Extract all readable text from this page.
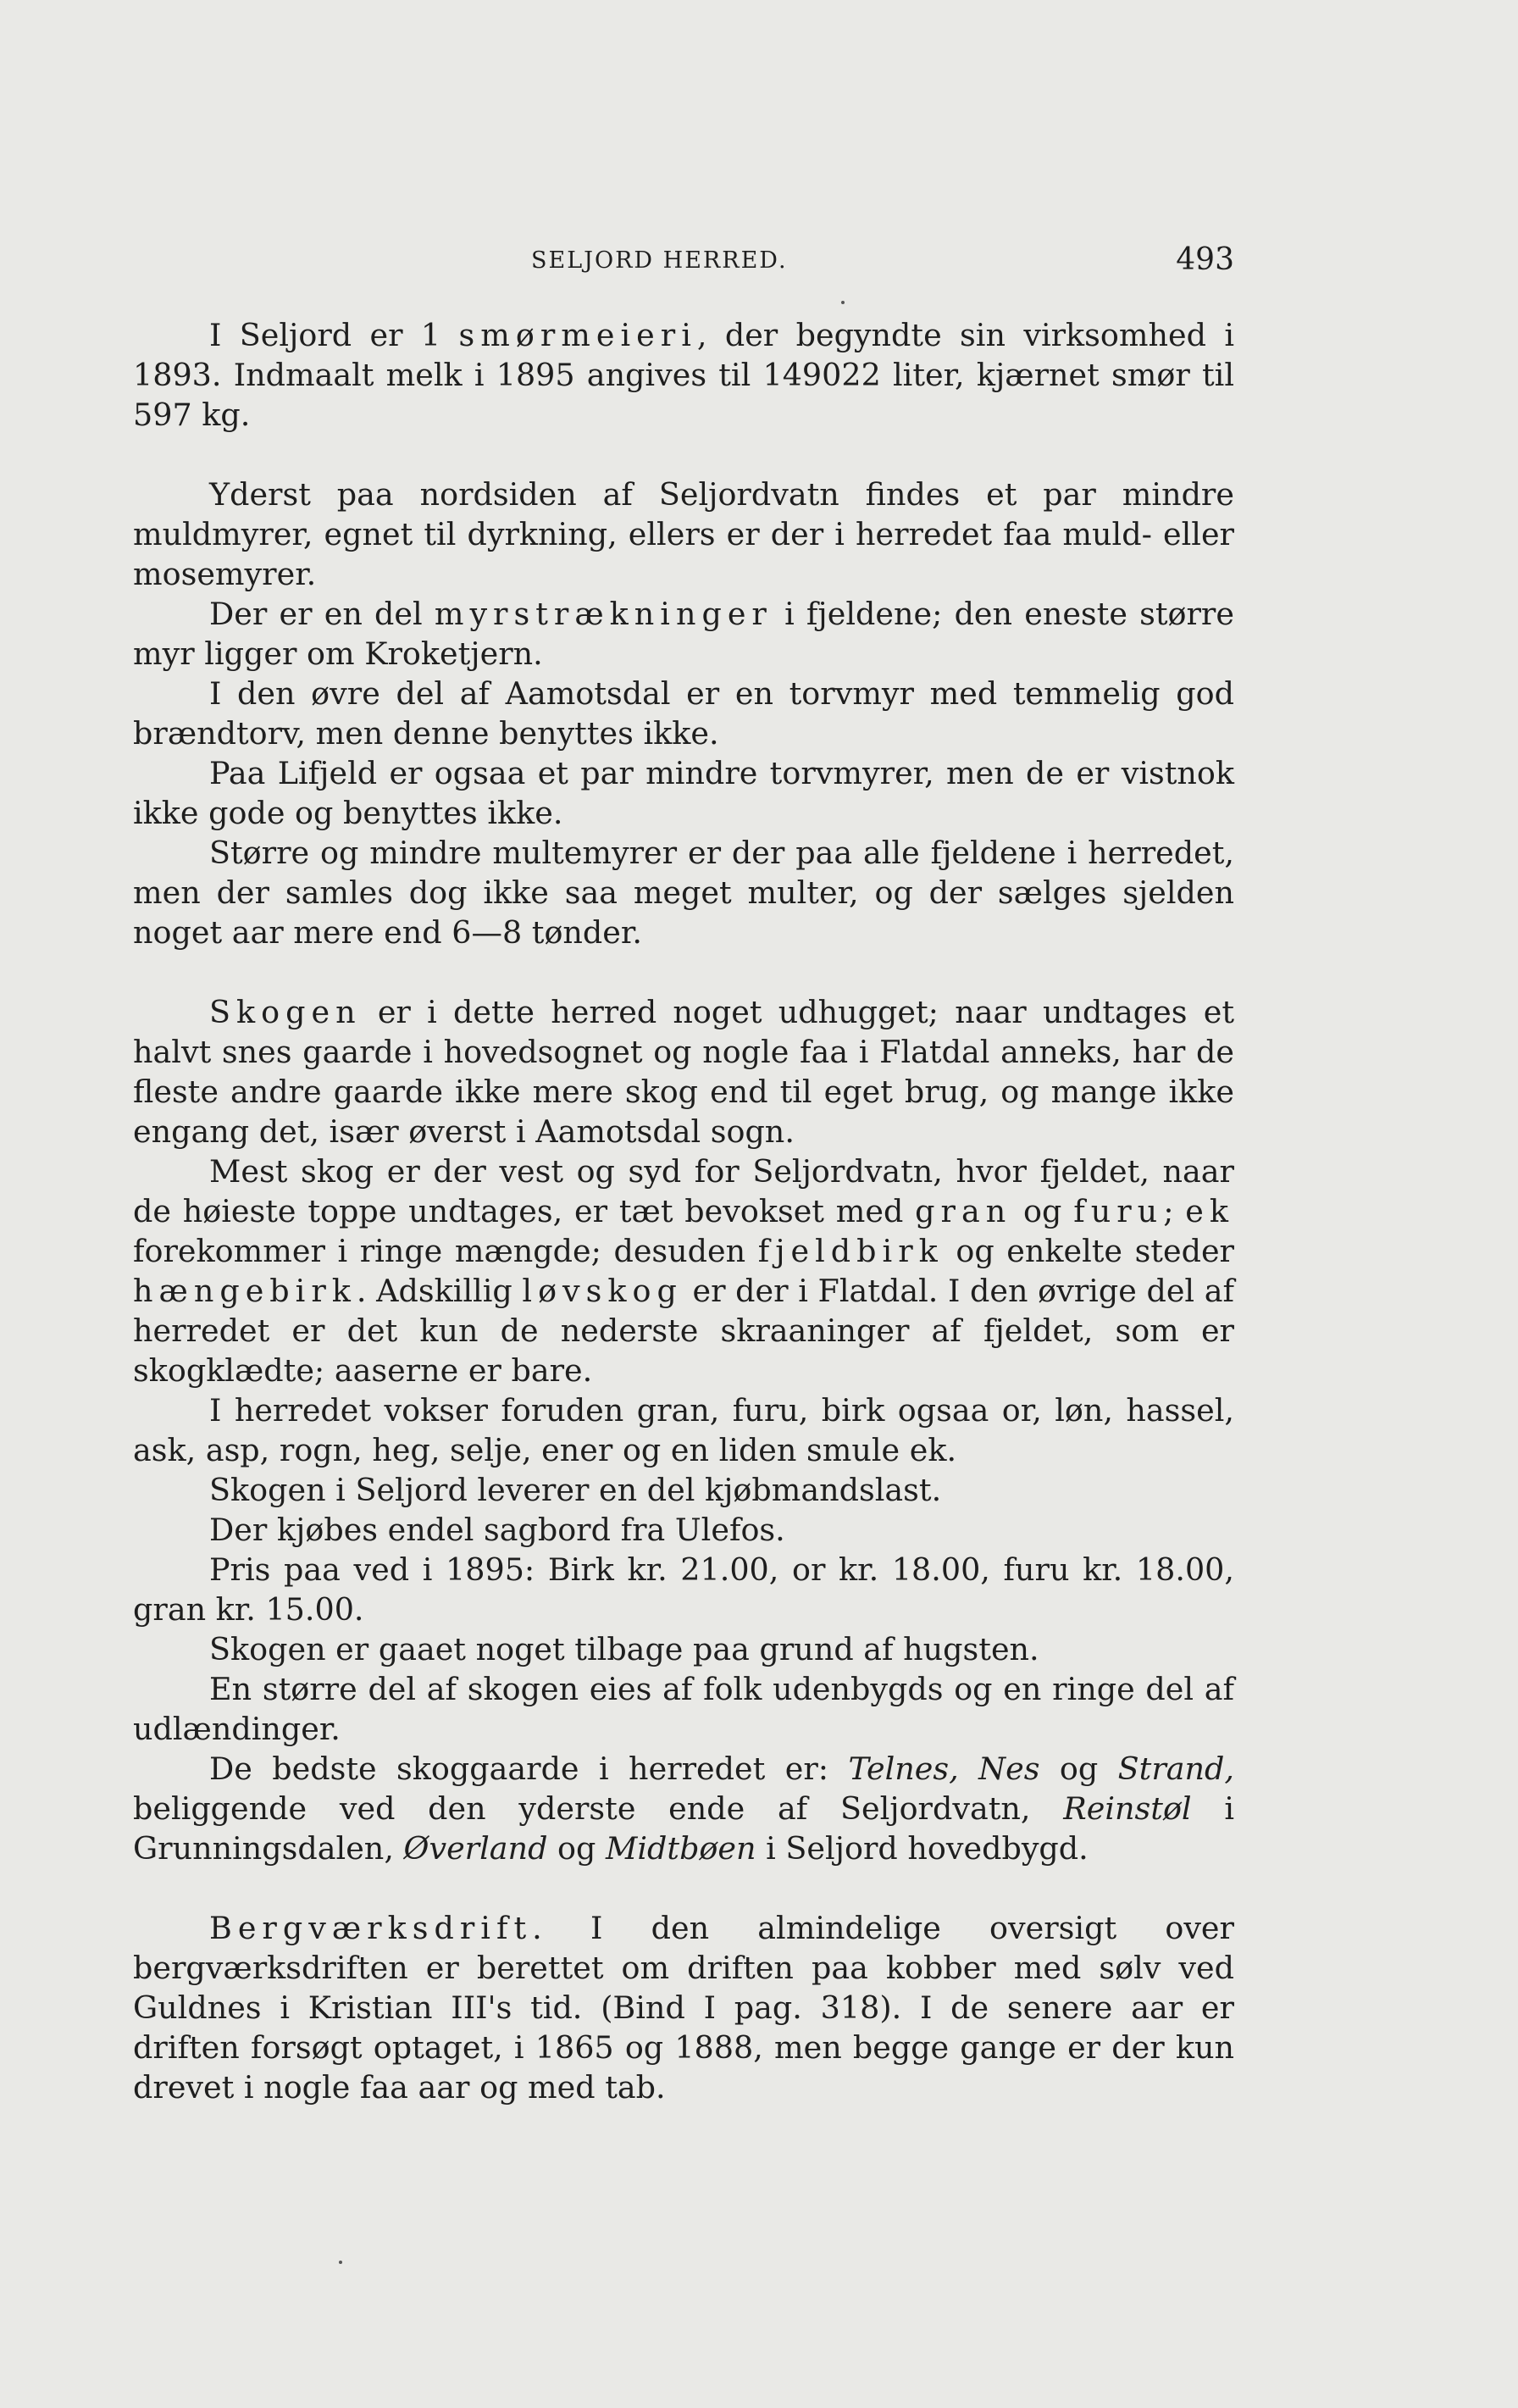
SELJORD HERRED.	493

I Seljord er 1 smørmeieri, der begyndte sin virksomhed i 1893. Indmaalt melk i 1895 angives til 149022 liter, kjærnet smør til 597 kg.

Yderst paa nordsiden af Seljordvatn findes et par mindre muldmyrer, egnet til dyrkning, ellers er der i herredet faa muld- eller mosemyrer.

Der er en del myrstrækninger i fjeldene; den eneste større myr ligger om Kroketjern.

I den øvre del af Aamotsdal er en torvmyr med temmelig god brændtorv, men denne benyttes ikke.

Paa Lifjeld er ogsaa et par mindre torvmyrer, men de er vistnok ikke gode og benyttes ikke.

Større og mindre multemyrer er der paa alle fjeldene i herredet, men der samles dog ikke saa meget multer, og der sælges sjelden noget aar mere end 6—8 tønder.

Skogen er i dette herred noget udhugget; naar undtages et halvt snes gaarde i hovedsognet og nogle faa i Flatdal anneks, har de fleste andre gaarde ikke mere skog end til eget brug, og mange ikke engang det, især øverst i Aamotsdal sogn.

Mest skog er der vest og syd for Seljordvatn, hvor fjeldet, naar de høieste toppe undtages, er tæt bevokset med gran og furu; ek forekommer i ringe mængde; desuden fjeldbirk og enkelte steder hængebirk. Adskillig løvskog er der i Flatdal. I den øvrige del af herredet er det kun de nederste skraaninger af fjeldet, som er skogklædte; aaserne er bare.

I herredet vokser foruden gran, furu, birk ogsaa or, løn, hassel, ask, asp, rogn, heg, selje, ener og en liden smule ek.

Skogen i Seljord leverer en del kjøbmandslast.

Der kjøbes endel sagbord fra Ulefos.

Pris paa ved i 1895: Birk kr. 21.00, or kr. 18.00, furu kr. 18.00, gran kr. 15.00.

Skogen er gaaet noget tilbage paa grund af hugsten.

En større del af skogen eies af folk udenbygds og en ringe del af udlændinger.

De bedste skoggaarde i herredet er: Telnes, Nes og Strand, beliggende ved den yderste ende af Seljordvatn, Reinstøl i Grunningsdalen, Øverland og Midtbøen i Seljord hovedbygd.

Bergværksdrift. I den almindelige oversigt over bergværksdriften er berettet om driften paa kobber med sølv ved Guldnes i Kristian III's tid. (Bind I pag. 318). I de senere aar er driften forsøgt optaget, i 1865 og 1888, men begge gange er der kun drevet i nogle faa aar og med tab.
